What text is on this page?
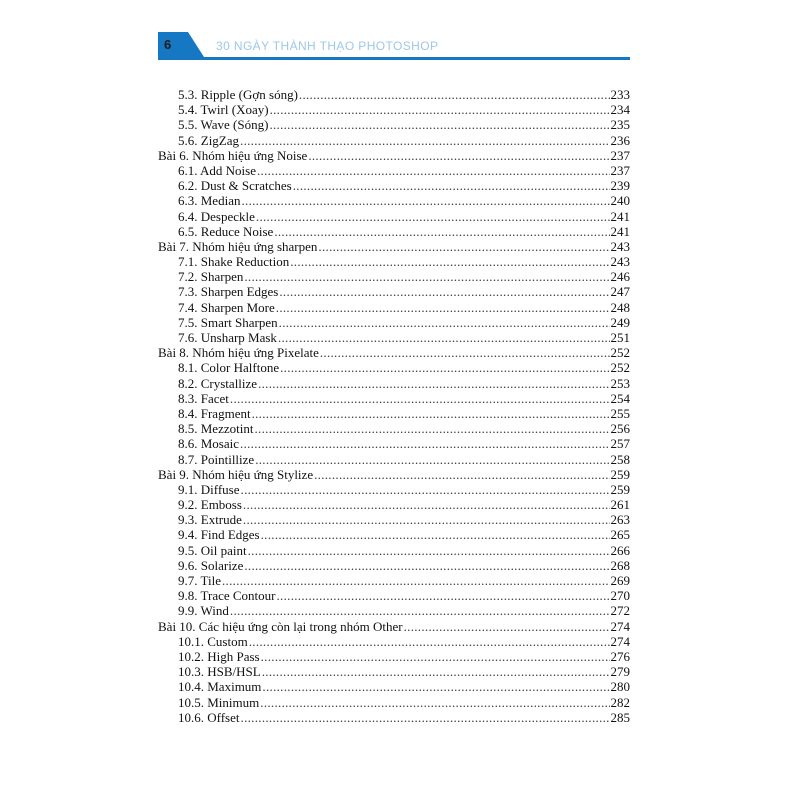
6	30 NGÀY THÀNH THẠO PHOTOSHOP
5.3. Ripple (Gợn sóng) .....	233
5.4. Twirl (Xoay) .....	234
5.5. Wave (Sóng) .....	235
5.6. ZigZag .....	236
Bài 6. Nhóm hiệu ứng Noise .....	237
6.1. Add Noise .....	237
6.2. Dust & Scratches .....	239
6.3. Median .....	240
6.4. Despeckle .....	241
6.5. Reduce Noise .....	241
Bài 7. Nhóm hiệu ứng sharpen .....	243
7.1. Shake Reduction .....	243
7.2. Sharpen .....	246
7.3. Sharpen Edges .....	247
7.4. Sharpen More .....	248
7.5. Smart Sharpen .....	249
7.6. Unsharp Mask .....	251
Bài 8. Nhóm hiệu ứng Pixelate .....	252
8.1. Color Halftone .....	252
8.2. Crystallize .....	253
8.3. Facet .....	254
8.4. Fragment .....	255
8.5. Mezzotint .....	256
8.6. Mosaic .....	257
8.7. Pointillize .....	258
Bài 9. Nhóm hiệu ứng Stylize .....	259
9.1. Diffuse .....	259
9.2. Emboss .....	261
9.3. Extrude .....	263
9.4. Find Edges .....	265
9.5. Oil paint .....	266
9.6. Solarize .....	268
9.7. Tile .....	269
9.8. Trace Contour .....	270
9.9. Wind .....	272
Bài 10. Các hiệu ứng còn lại trong nhóm Other .....	274
10.1. Custom .....	274
10.2. High Pass .....	276
10.3. HSB/HSL .....	279
10.4. Maximum .....	280
10.5. Minimum .....	282
10.6. Offset .....	285
